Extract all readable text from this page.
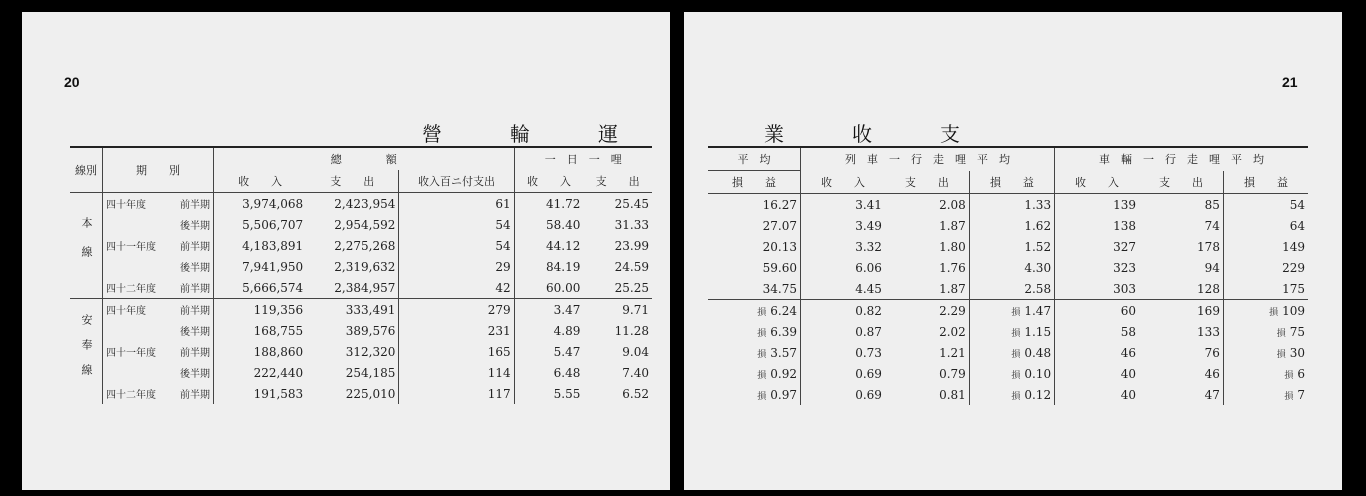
20
營　　　輪　　　運
線別	期　　別	總　　　　額			一　日　一　哩	
		收　　入	支　　出	收入百ニ付支出	收　　入	支　　出
本線	四十年度 前半期	3,974,068	2,423,954	61	41.72	25.45

	後半期	5,506,707	2,954,592	54	58.40	31.33
	四十一年度 前半期	4,183,891	2,275,268	54	44.12	23.99

	後半期	7,941,950	2,319,632	29	84.19	24.59
	四十二年度 前半期	5,666,574	2,384,957	42	60.00	25.25
安奉線	四十年度 前半期	119,356	333,491	279	3.47	9.71

	後半期	168,755	389,576	231	4.89	11.28
	四十一年度 前半期	188,860	312,320	165	5.47	9.04

	後半期	222,440	254,185	114	6.48	7.40
	四十二年度 前半期	191,583	225,010	117	5.55	6.52
21
業　　　收　　　支
平　均	列　車　一　行　走　哩　平　均			車　輛　一　行　走　哩　平　均		
損　　益	收　　入	支　　出	損　　益	收　　入	支　　出	損　　益
16.27	3.41	2.08	1.33	139	85	54
27.07	3.49	1.87	1.62	138	74	64
20.13	3.32	1.80	1.52	327	178	149
59.60	6.06	1.76	4.30	323	94	229
34.75	4.45	1.87	2.58	303	128	175
損 6.24	0.82	2.29	損 1.47	60	169	損 109
損 6.39	0.87	2.02	損 1.15	58	133	損 75
損 3.57	0.73	1.21	損 0.48	46	76	損 30
損 0.92	0.69	0.79	損 0.10	40	46	損 6
損 0.97	0.69	0.81	損 0.12	40	47	損 7
